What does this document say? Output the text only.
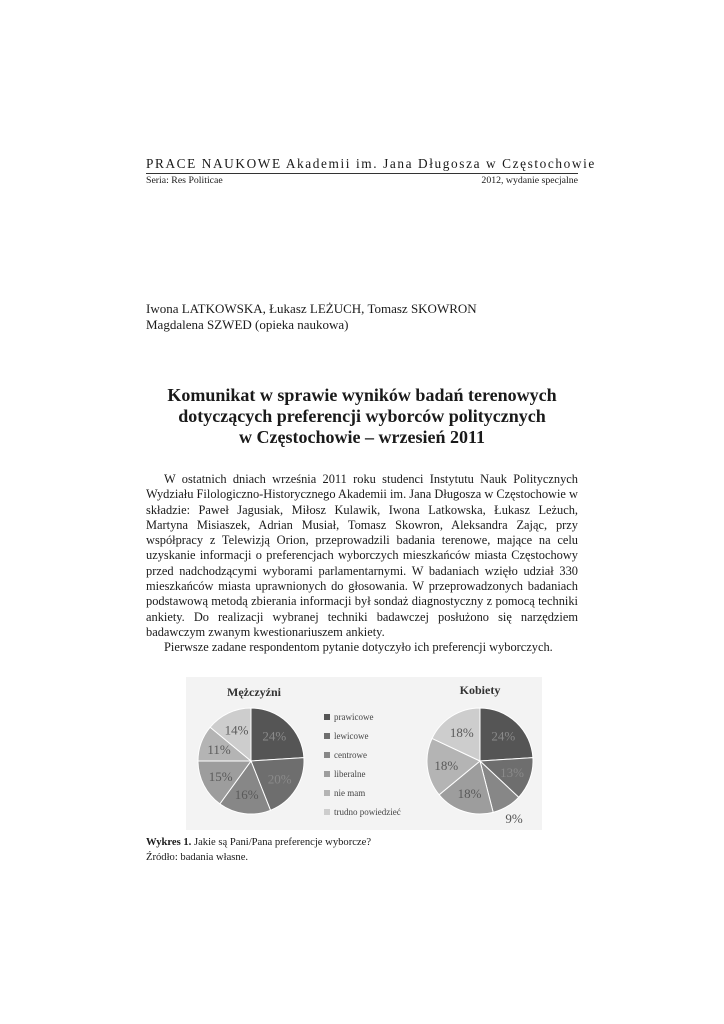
PRACE NAUKOWE Akademii im. Jana Długosza w Częstochowie
Seria: Res Politicae	2012, wydanie specjalne
Iwona LATKOWSKA, Łukasz LEŻUCH, Tomasz SKOWRON
Magdalena SZWED (opieka naukowa)
Komunikat w sprawie wyników badań terenowych
dotyczących preferencji wyborców politycznych
w Częstochowie – wrzesień 2011

W ostatnich dniach września 2011 roku studenci Instytutu Nauk Politycznych Wydziału Filologiczno-Historycznego Akademii im. Jana Długosza w Częstochowie w składzie: Paweł Jagusiak, Miłosz Kulawik, Iwona Latkowska, Łukasz Leżuch, Martyna Misiaszek, Adrian Musiał, Tomasz Skowron, Aleksandra Zając, przy współpracy z Telewizją Orion, przeprowadzili badania terenowe, mające na celu uzyskanie informacji o preferencjach wyborczych mieszkańców miasta Częstochowy przed nadchodzącymi wyborami parlamentarnymi. W badaniach wzięło udział 330 mieszkańców miasta uprawnionych do głosowania. W przeprowadzonych badaniach podstawową metodą zbierania informacji był sondaż diagnostyczny z pomocą techniki ankiety. Do realizacji wybranej techniki badawczej posłużono się narzędziem badawczym zwanym kwestionariuszem ankiety.

Pierwsze zadane respondentom pytanie dotyczyło ich preferencji wyborczych.

Mężczyźni	Kobiety
24%
20%
16%
15%
11%
14%	24%
13%
9%
18%
18%
18%
prawicowe
lewicowe
centrowe
liberalne
nie mam
trudno powiedzieć
Wykres 1. Jakie są Pani/Pana preferencje wyborcze?
Źródło: badania własne.
